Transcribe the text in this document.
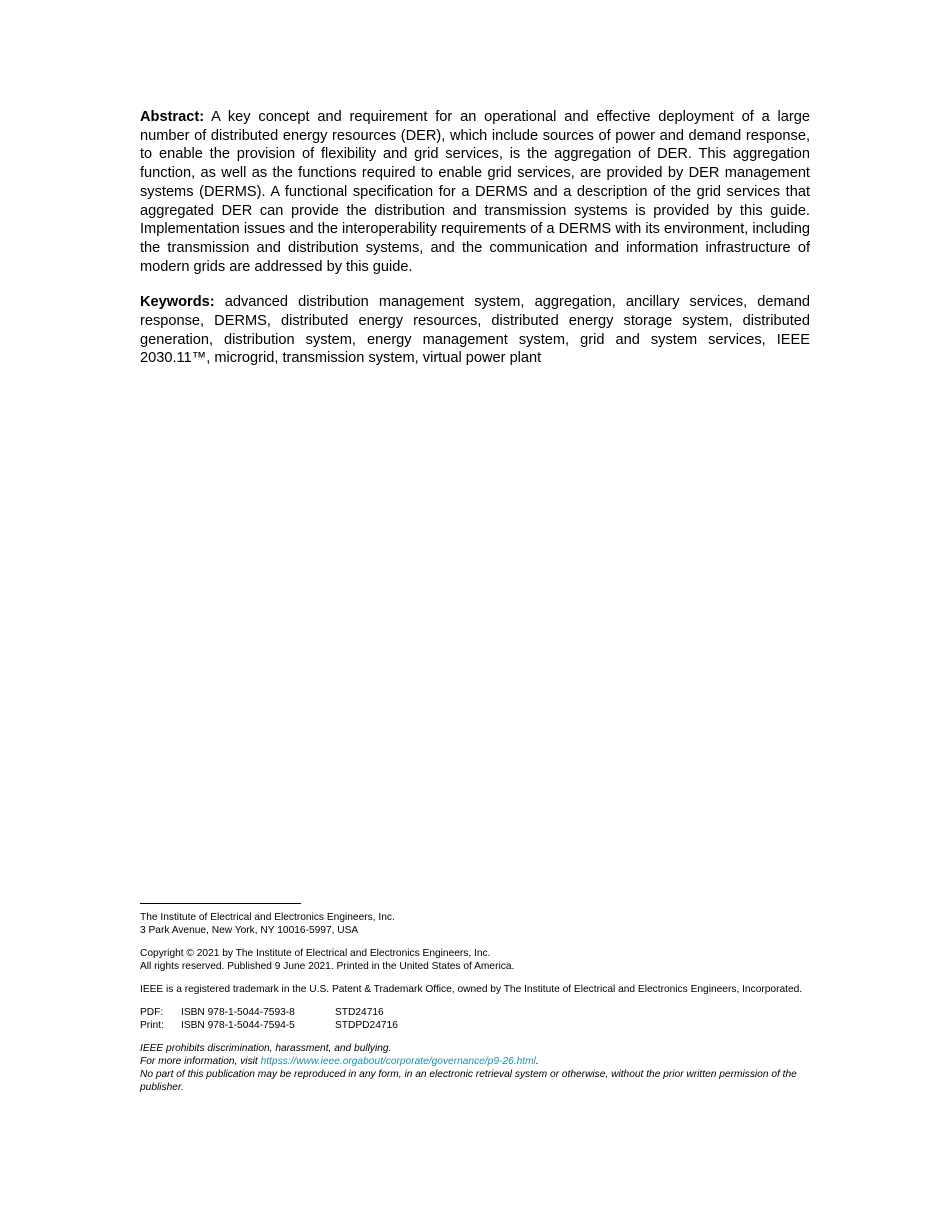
Abstract: A key concept and requirement for an operational and effective deployment of a large number of distributed energy resources (DER), which include sources of power and demand response, to enable the provision of flexibility and grid services, is the aggregation of DER. This aggregation function, as well as the functions required to enable grid services, are provided by DER management systems (DERMS). A functional specification for a DERMS and a description of the grid services that aggregated DER can provide the distribution and transmission systems is provided by this guide. Implementation issues and the interoperability requirements of a DERMS with its environment, including the transmission and distribution systems, and the communication and information infrastructure of modern grids are addressed by this guide.

Keywords: advanced distribution management system, aggregation, ancillary services, demand response, DERMS, distributed energy resources, distributed energy storage system, distributed generation, distribution system, energy management system, grid and system services, IEEE 2030.11™, microgrid, transmission system, virtual power plant

The Institute of Electrical and Electronics Engineers, Inc.
3 Park Avenue, New York, NY 10016-5997, USA
Copyright © 2021 by The Institute of Electrical and Electronics Engineers, Inc.
All rights reserved. Published 9 June 2021. Printed in the United States of America.
IEEE is a registered trademark in the U.S. Patent & Trademark Office, owned by The Institute of Electrical and Electronics Engineers, Incorporated.
PDF:	ISBN 978-1-5044-7593-8	STD24716
Print:	ISBN 978-1-5044-7594-5	STDPD24716
IEEE prohibits discrimination, harassment, and bullying.
For more information, visit httpss://www.ieee.orgabout/corporate/governance/p9-26.html.
No part of this publication may be reproduced in any form, in an electronic retrieval system or otherwise, without the prior written permission of the publisher.
